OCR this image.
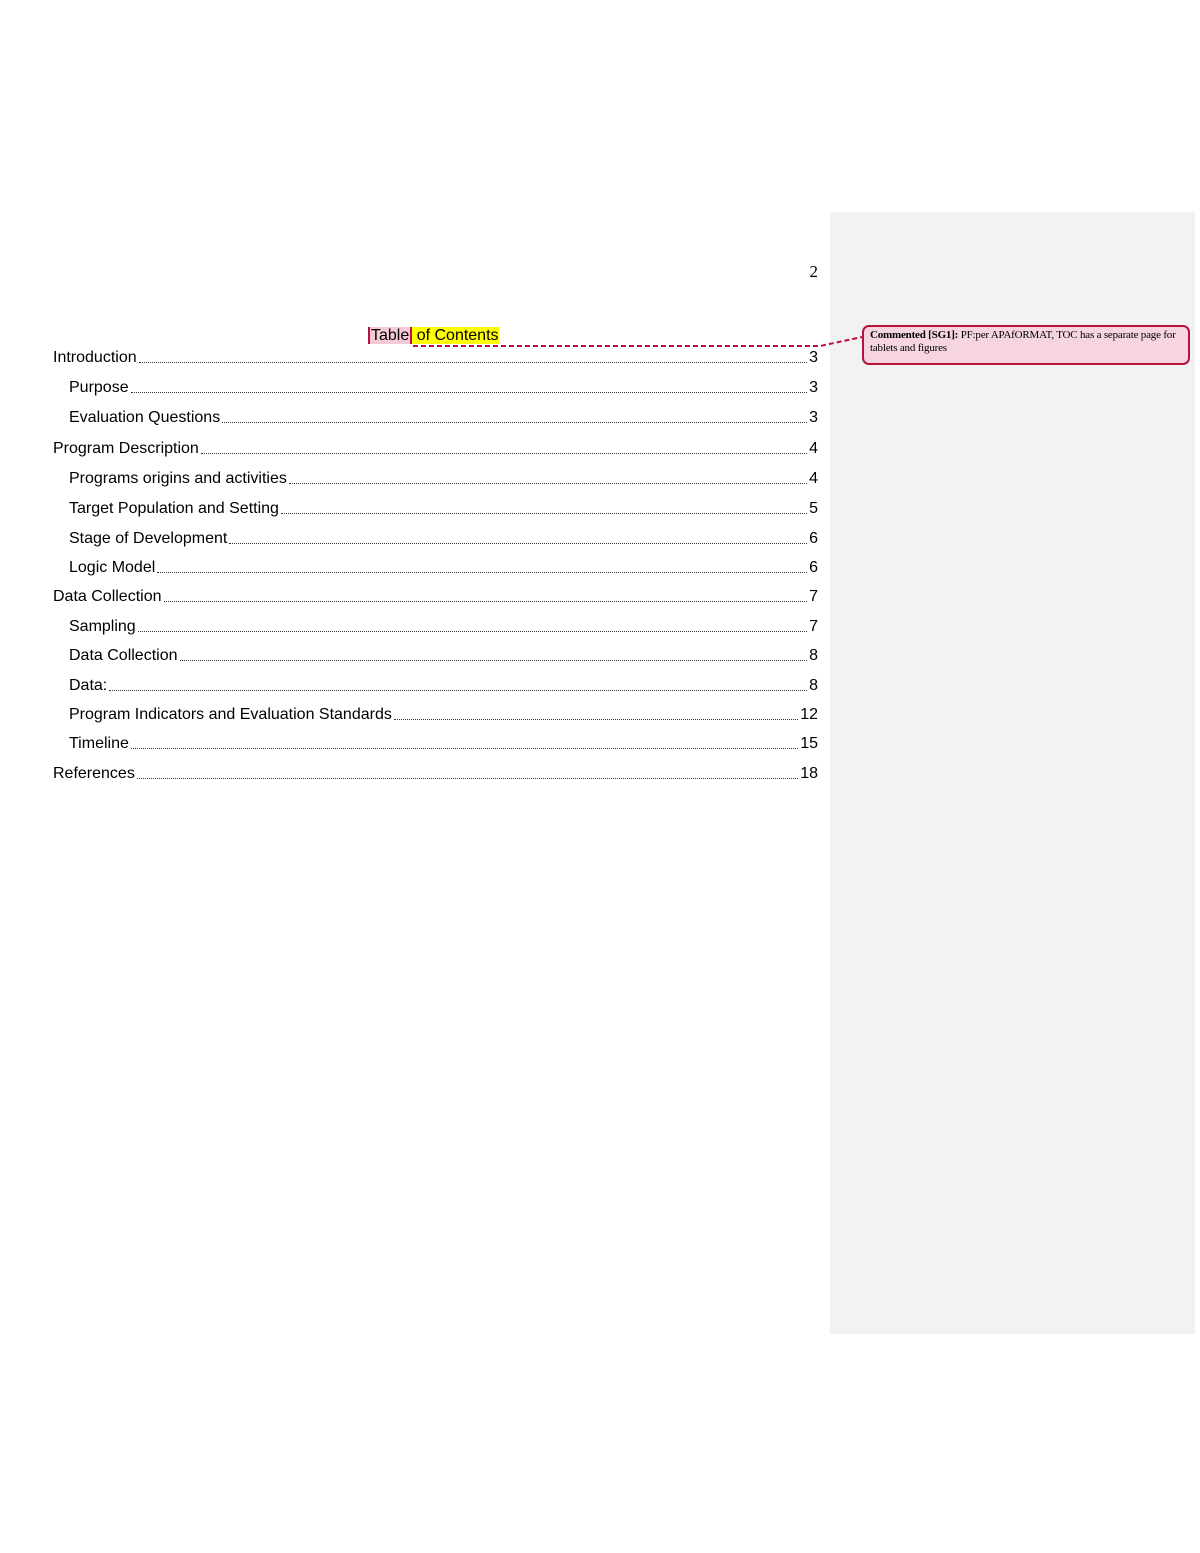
2
Table of Contents	Commented [SG1]: PF:per APAfORMAT, TOC has a separate page for tablets and figures
Introduction	3
Purpose	3
Evaluation Questions	3
Program Description	4
Programs origins and activities	4
Target Population and Setting	5
Stage of Development	6
Logic Model	6
Data Collection	7
Sampling	7
Data Collection	8
Data:	8
Program Indicators and Evaluation Standards	12
Timeline	15
References	18
